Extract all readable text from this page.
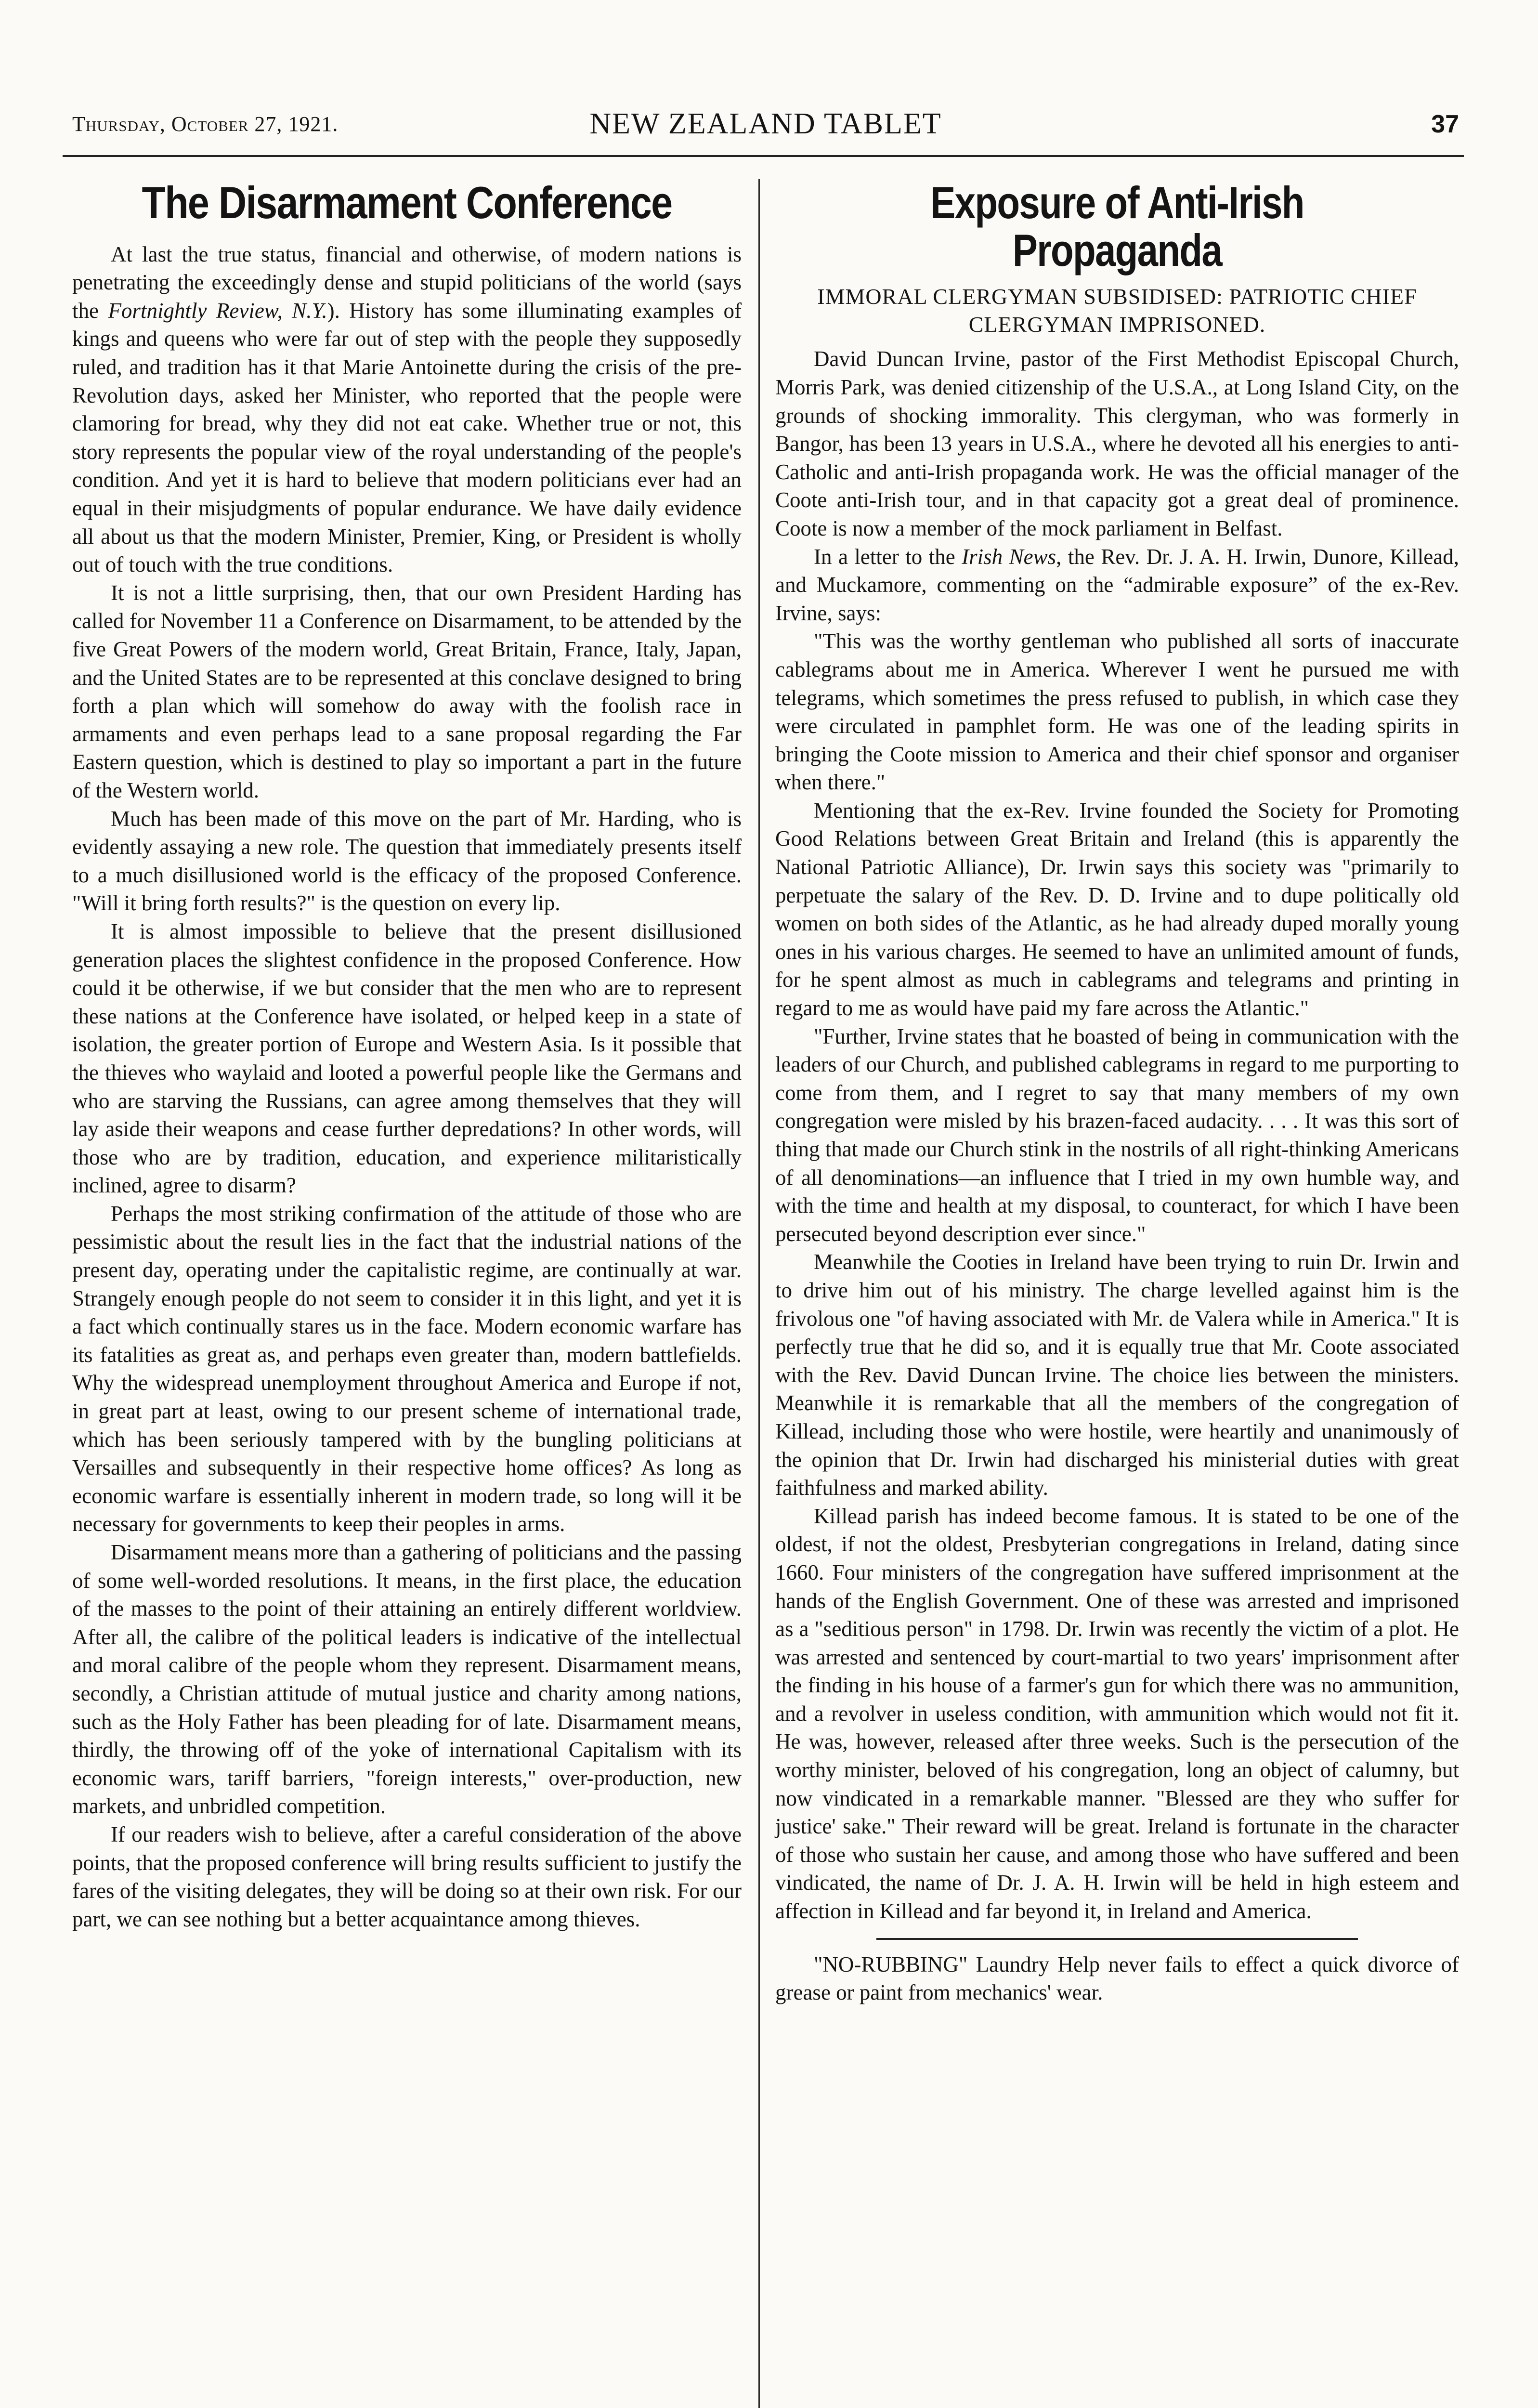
Thursday, October 27, 1921.	NEW ZEALAND TABLET	37
The Disarmament Conference

At last the true status, financial and otherwise, of modern nations is penetrating the exceedingly dense and stupid politicians of the world (says the Fortnightly Review, N.Y.). History has some illuminating examples of kings and queens who were far out of step with the people they supposedly ruled, and tradition has it that Marie Antoinette during the crisis of the pre-Revolution days, asked her Minister, who reported that the people were clamoring for bread, why they did not eat cake. Whether true or not, this story represents the popular view of the royal understanding of the people's condition. And yet it is hard to believe that modern politicians ever had an equal in their misjudgments of popular endurance. We have daily evidence all about us that the modern Minister, Premier, King, or President is wholly out of touch with the true conditions.

It is not a little surprising, then, that our own President Harding has called for November 11 a Conference on Disarmament, to be attended by the five Great Powers of the modern world, Great Britain, France, Italy, Japan, and the United States are to be represented at this conclave designed to bring forth a plan which will somehow do away with the foolish race in armaments and even perhaps lead to a sane proposal regarding the Far Eastern question, which is destined to play so important a part in the future of the Western world.

Much has been made of this move on the part of Mr. Harding, who is evidently assaying a new role. The question that immediately presents itself to a much disillusioned world is the efficacy of the proposed Conference. "Will it bring forth results?" is the question on every lip.

It is almost impossible to believe that the present disillusioned generation places the slightest confidence in the proposed Conference. How could it be otherwise, if we but consider that the men who are to represent these nations at the Conference have isolated, or helped keep in a state of isolation, the greater portion of Europe and Western Asia. Is it possible that the thieves who waylaid and looted a powerful people like the Germans and who are starving the Russians, can agree among themselves that they will lay aside their weapons and cease further depredations? In other words, will those who are by tradition, education, and experience militaristically inclined, agree to disarm?

Perhaps the most striking confirmation of the attitude of those who are pessimistic about the result lies in the fact that the industrial nations of the present day, operating under the capitalistic regime, are continually at war. Strangely enough people do not seem to consider it in this light, and yet it is a fact which continually stares us in the face. Modern economic warfare has its fatalities as great as, and perhaps even greater than, modern battlefields. Why the widespread unemployment throughout America and Europe if not, in great part at least, owing to our present scheme of international trade, which has been seriously tampered with by the bungling politicians at Versailles and subsequently in their respective home offices? As long as economic warfare is essentially inherent in modern trade, so long will it be necessary for governments to keep their peoples in arms.

Disarmament means more than a gathering of politicians and the passing of some well-worded resolutions. It means, in the first place, the education of the masses to the point of their attaining an entirely different worldview. After all, the calibre of the political leaders is indicative of the intellectual and moral calibre of the people whom they represent. Disarmament means, secondly, a Christian attitude of mutual justice and charity among nations, such as the Holy Father has been pleading for of late. Disarmament means, thirdly, the throwing off of the yoke of international Capitalism with its economic wars, tariff barriers, "foreign interests," over-production, new markets, and unbridled competition.

If our readers wish to believe, after a careful consideration of the above points, that the proposed conference will bring results sufficient to justify the fares of the visiting delegates, they will be doing so at their own risk. For our part, we can see nothing but a better acquaintance among thieves.

Exposure of Anti-Irish Propaganda
IMMORAL CLERGYMAN SUBSIDISED: PATRIOTIC CHIEF CLERGYMAN IMPRISONED.

David Duncan Irvine, pastor of the First Methodist Episcopal Church, Morris Park, was denied citizenship of the U.S.A., at Long Island City, on the grounds of shocking immorality. This clergyman, who was formerly in Bangor, has been 13 years in U.S.A., where he devoted all his energies to anti-Catholic and anti-Irish propaganda work. He was the official manager of the Coote anti-Irish tour, and in that capacity got a great deal of prominence. Coote is now a member of the mock parliament in Belfast.

In a letter to the Irish News, the Rev. Dr. J. A. H. Irwin, Dunore, Killead, and Muckamore, commenting on the “admirable exposure” of the ex-Rev. Irvine, says:

"This was the worthy gentleman who published all sorts of inaccurate cablegrams about me in America. Wherever I went he pursued me with telegrams, which sometimes the press refused to publish, in which case they were circulated in pamphlet form. He was one of the leading spirits in bringing the Coote mission to America and their chief sponsor and organiser when there."

Mentioning that the ex-Rev. Irvine founded the Society for Promoting Good Relations between Great Britain and Ireland (this is apparently the National Patriotic Alliance), Dr. Irwin says this society was "primarily to perpetuate the salary of the Rev. D. D. Irvine and to dupe politically old women on both sides of the Atlantic, as he had already duped morally young ones in his various charges. He seemed to have an unlimited amount of funds, for he spent almost as much in cablegrams and telegrams and printing in regard to me as would have paid my fare across the Atlantic."

"Further, Irvine states that he boasted of being in communication with the leaders of our Church, and published cablegrams in regard to me purporting to come from them, and I regret to say that many members of my own congregation were misled by his brazen-faced audacity. . . . It was this sort of thing that made our Church stink in the nostrils of all right-thinking Americans of all denominations—an influence that I tried in my own humble way, and with the time and health at my disposal, to counteract, for which I have been persecuted beyond description ever since."

Meanwhile the Cooties in Ireland have been trying to ruin Dr. Irwin and to drive him out of his ministry. The charge levelled against him is the frivolous one "of having associated with Mr. de Valera while in America." It is perfectly true that he did so, and it is equally true that Mr. Coote associated with the Rev. David Duncan Irvine. The choice lies between the ministers. Meanwhile it is remarkable that all the members of the congregation of Killead, including those who were hostile, were heartily and unanimously of the opinion that Dr. Irwin had discharged his ministerial duties with great faithfulness and marked ability.

Killead parish has indeed become famous. It is stated to be one of the oldest, if not the oldest, Presbyterian congregations in Ireland, dating since 1660. Four ministers of the congregation have suffered imprisonment at the hands of the English Government. One of these was arrested and imprisoned as a "seditious person" in 1798. Dr. Irwin was recently the victim of a plot. He was arrested and sentenced by court-martial to two years' imprisonment after the finding in his house of a farmer's gun for which there was no ammunition, and a revolver in useless condition, with ammunition which would not fit it. He was, however, released after three weeks. Such is the persecution of the worthy minister, beloved of his congregation, long an object of calumny, but now vindicated in a remarkable manner. "Blessed are they who suffer for justice' sake." Their reward will be great. Ireland is fortunate in the character of those who sustain her cause, and among those who have suffered and been vindicated, the name of Dr. J. A. H. Irwin will be held in high esteem and affection in Killead and far beyond it, in Ireland and America.

"NO-RUBBING" Laundry Help never fails to effect a quick divorce of grease or paint from mechanics' wear.
